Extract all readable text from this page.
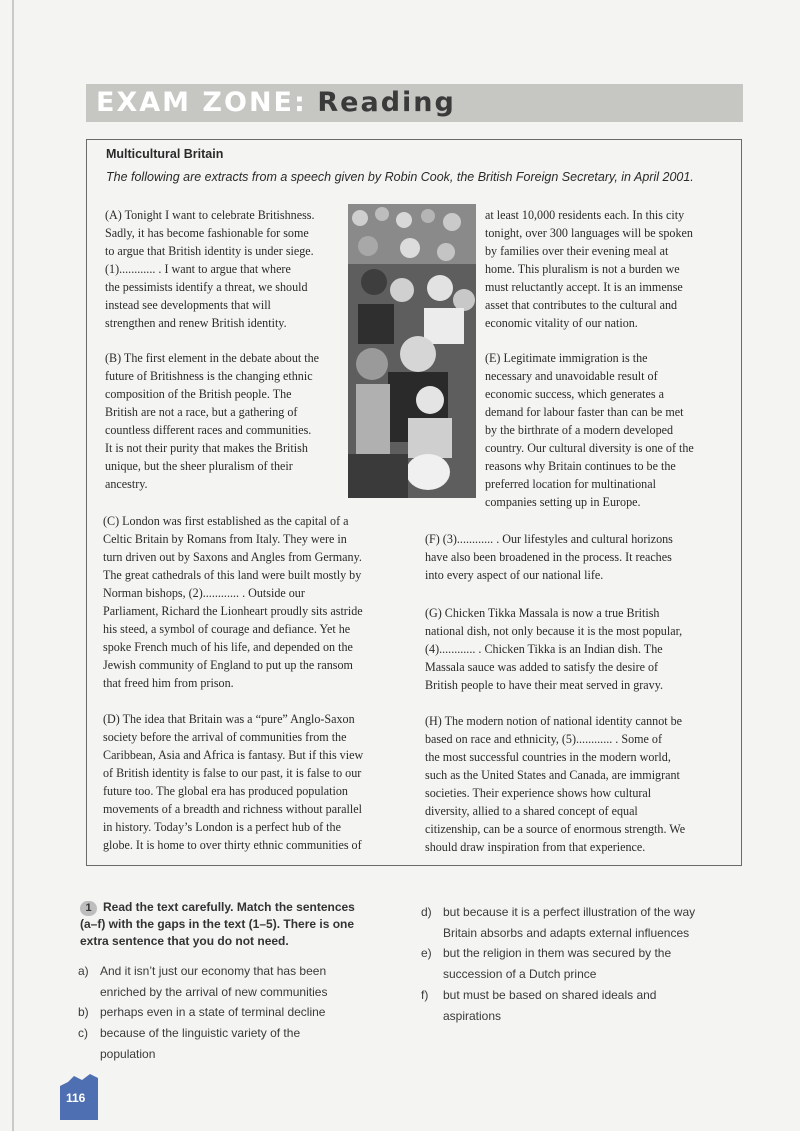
EXAM ZONE: Reading
Multicultural Britain
The following are extracts from a speech given by Robin Cook, the British Foreign Secretary, in April 2001.
(A) Tonight I want to celebrate Britishness.
Sadly, it has become fashionable for some
to argue that British identity is under siege.
(1)............ . I want to argue that where
the pessimists identify a threat, we should
instead see developments that will
strengthen and renew British identity.
(B) The first element in the debate about the
future of Britishness is the changing ethnic
composition of the British people. The
British are not a race, but a gathering of
countless different races and communities.
It is not their purity that makes the British
unique, but the sheer pluralism of their
ancestry.
(C) London was first established as the capital of a
Celtic Britain by Romans from Italy. They were in
turn driven out by Saxons and Angles from Germany.
The great cathedrals of this land were built mostly by
Norman bishops, (2)............ . Outside our
Parliament, Richard the Lionheart proudly sits astride
his steed, a symbol of courage and defiance. Yet he
spoke French much of his life, and depended on the
Jewish community of England to put up the ransom
that freed him from prison.
(D) The idea that Britain was a “pure” Anglo-Saxon
society before the arrival of communities from the
Caribbean, Asia and Africa is fantasy. But if this view
of British identity is false to our past, it is false to our
future too. The global era has produced population
movements of a breadth and richness without parallel
in history. Today’s London is a perfect hub of the
globe. It is home to over thirty ethnic communities of
at least 10,000 residents each. In this city
tonight, over 300 languages will be spoken
by families over their evening meal at
home. This pluralism is not a burden we
must reluctantly accept. It is an immense
asset that contributes to the cultural and
economic vitality of our nation.
(E) Legitimate immigration is the
necessary and unavoidable result of
economic success, which generates a
demand for labour faster than can be met
by the birthrate of a modern developed
country. Our cultural diversity is one of the
reasons why Britain continues to be the
preferred location for multinational
companies setting up in Europe.
(F) (3)............ . Our lifestyles and cultural horizons
have also been broadened in the process. It reaches
into every aspect of our national life.
(G) Chicken Tikka Massala is now a true British
national dish, not only because it is the most popular,
(4)............ . Chicken Tikka is an Indian dish. The
Massala sauce was added to satisfy the desire of
British people to have their meat served in gravy.
(H) The modern notion of national identity cannot be
based on race and ethnicity, (5)............ . Some of
the most successful countries in the modern world,
such as the United States and Canada, are immigrant
societies. Their experience shows how cultural
diversity, allied to a shared concept of equal
citizenship, can be a source of enormous strength. We
should draw inspiration from that experience.
1 Read the text carefully. Match the sentences
(a–f) with the gaps in the text (1–5). There is one
extra sentence that you do not need.
a) And it isn’t just our economy that has been
enriched by the arrival of new communities
b) perhaps even in a state of terminal decline
c) because of the linguistic variety of the
population
d) but because it is a perfect illustration of the way
Britain absorbs and adapts external influences
e) but the religion in them was secured by the
succession of a Dutch prince
f) but must be based on shared ideals and
aspirations
116
